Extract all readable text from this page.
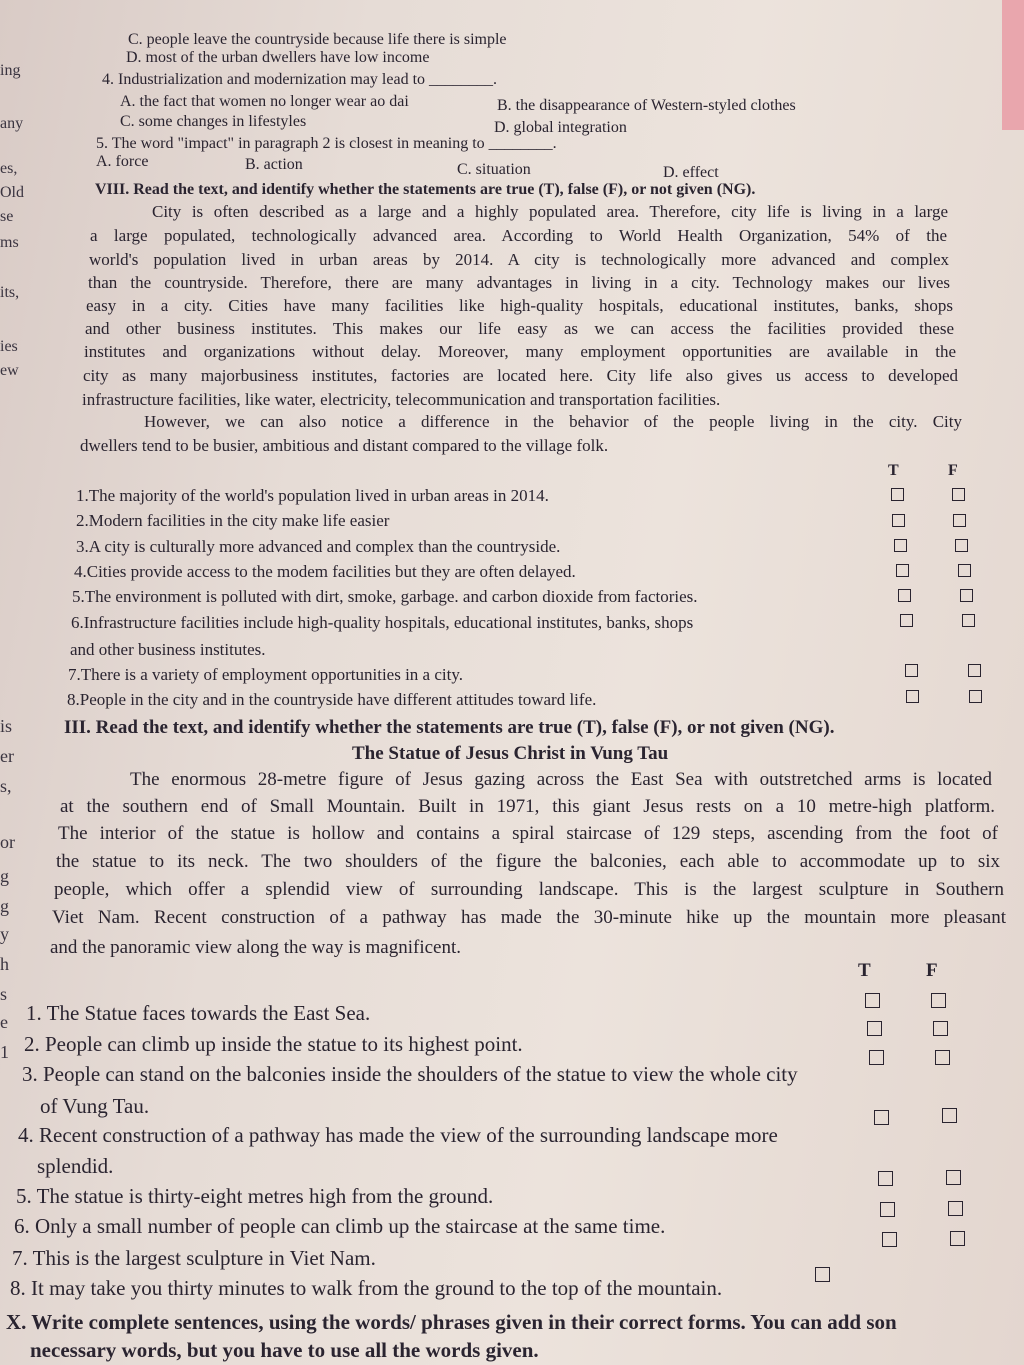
ing
any
es,
Old
se
ms
its,
ies
ew
is
er
s,
or
g
g
y
h
s
e
1
C. people leave the countryside because life there is simple
D. most of the urban dwellers have low income
4. Industrialization and modernization may lead to ________.
A. the fact that women no longer wear ao dai	B. the disappearance of Western-styled clothes
C. some changes in lifestyles	D. global integration
5. The word "impact" in paragraph 2 is closest in meaning to ________.
A. force	B. action	C. situation	D. effect
VIII. Read the text, and identify whether the statements are true (T), false (F), or not given (NG).
City is often described as a large and a highly populated area. Therefore, city life is living in a large
a large populated, technologically advanced area. According to World Health Organization, 54% of the
world's population lived in urban areas by 2014. A city is technologically more advanced and complex
than the countryside. Therefore, there are many advantages in living in a city. Technology makes our lives
easy in a city. Cities have many facilities like high-quality hospitals, educational institutes, banks, shops
and other business institutes. This makes our life easy as we can access the facilities provided these
institutes and organizations without delay. Moreover, many employment opportunities are available in the
city as many majorbusiness institutes, factories are located here. City life also gives us access to developed
infrastructure facilities, like water, electricity, telecommunication and transportation facilities.
However, we can also notice a difference in the behavior of the people living in the city. City
dwellers tend to be busier, ambitious and distant compared to the village folk.
T	F
1.The majority of the world's population lived in urban areas in 2014.
2.Modern facilities in the city make life easier
3.A city is culturally more advanced and complex than the countryside.
4.Cities provide access to the modem facilities but they are often delayed.
5.The environment is polluted with dirt, smoke, garbage. and carbon dioxide from factories.
6.Infrastructure facilities include high-quality hospitals, educational institutes, banks, shops
and other business institutes.
7.There is a variety of employment opportunities in a city.
8.People in the city and in the countryside have different attitudes toward life.
III. Read the text, and identify whether the statements are true (T), false (F), or not given (NG).
The Statue of Jesus Christ in Vung Tau
The enormous 28-metre figure of Jesus gazing across the East Sea with outstretched arms is located
at the southern end of Small Mountain. Built in 1971, this giant Jesus rests on a 10 metre-high platform.
The interior of the statue is hollow and contains a spiral staircase of 129 steps, ascending from the foot of
the statue to its neck. The two shoulders of the figure the balconies, each able to accommodate up to six
people, which offer a splendid view of surrounding landscape. This is the largest sculpture in Southern
Viet Nam. Recent construction of a pathway has made the 30-minute hike up the mountain more pleasant
and the panoramic view along the way is magnificent.
T	F
1. The Statue faces towards the East Sea.
2. People can climb up inside the statue to its highest point.
3. People can stand on the balconies inside the shoulders of the statue to view the whole city
of Vung Tau.
4. Recent construction of a pathway has made the view of the surrounding landscape more
splendid.
5. The statue is thirty-eight metres high from the ground.
6. Only a small number of people can climb up the staircase at the same time.
7. This is the largest sculpture in Viet Nam.
8. It may take you thirty minutes to walk from the ground to the top of the mountain.
X. Write complete sentences, using the words/ phrases given in their correct forms. You can add son
necessary words, but you have to use all the words given.
